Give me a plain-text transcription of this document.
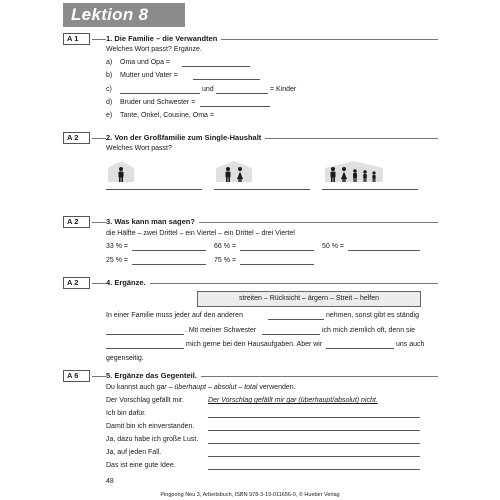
Lektion 8
A 1	1. Die Familie – die Verwandten
Welches Wort passt? Ergänze.
a) Oma und Opa =
b) Mutter und Vater =
c)	und	= Kinder
d) Bruder und Schwester =
e) Tante, Onkel, Cousine, Oma =
A 2	2. Von der Großfamilie zum Single-Haushalt
Welches Wort passt?
A 2	3. Was kann man sagen?
die Hälfte – zwei Drittel – ein Viertel – ein Drittel – drei Viertel
33 % =	66 % =	50 % =
25 % =	75 % =
A 2	4. Ergänze.
streiten – Rücksicht – ärgern – Streit – helfen
In einer Familie muss jeder auf den anderen	nehmen, sonst gibt es ständig
. Mit meiner Schwester	ich mich ziemlich oft, denn sie
mich gerne bei den Hausaufgaben. Aber wir	uns auch
gegenseitig.
A 6	5. Ergänze das Gegenteil.
Du kannst auch gar – überhaupt – absolut – total verwenden.
Der Vorschlag gefällt mir.	Der Vorschlag gefällt mir gar (überhaupt/absolut) nicht.
Ich bin dafür.
Damit bin ich einverstanden.
Ja, dazu habe ich große Lust.
Ja, auf jeden Fall.
Das ist eine gute Idee.
48
Pingpong Neu 3, Arbeitsbuch, ISBN 978-3-19-011656-0, © Hueber Verlag
